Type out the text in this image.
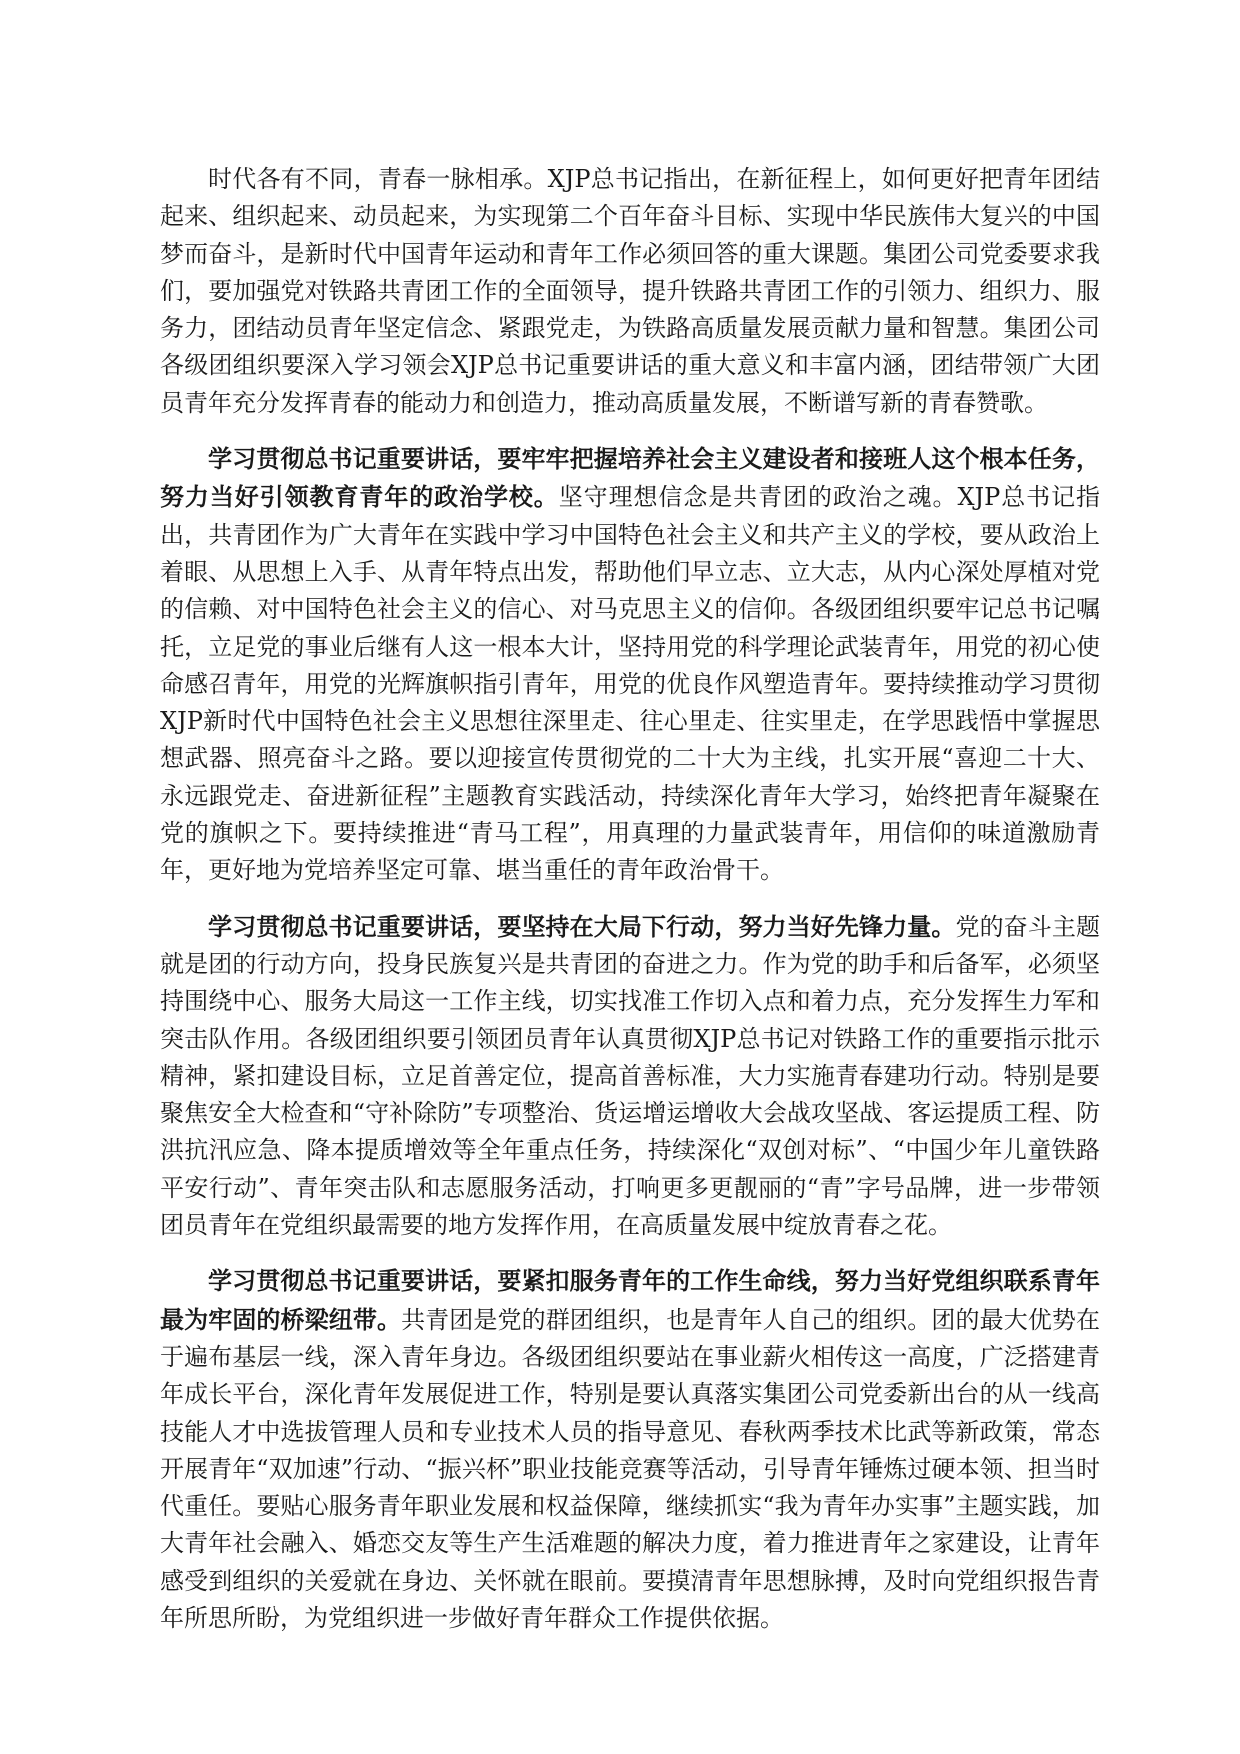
时代各有不同，青春一脉相承。XJP总书记指出，在新征程上，如何更好把青年团结起来、组织起来、动员起来，为实现第二个百年奋斗目标、实现中华民族伟大复兴的中国梦而奋斗，是新时代中国青年运动和青年工作必须回答的重大课题。集团公司党委要求我们，要加强党对铁路共青团工作的全面领导，提升铁路共青团工作的引领力、组织力、服务力，团结动员青年坚定信念、紧跟党走，为铁路高质量发展贡献力量和智慧。集团公司各级团组织要深入学习领会XJP总书记重要讲话的重大意义和丰富内涵，团结带领广大团员青年充分发挥青春的能动力和创造力，推动高质量发展，不断谱写新的青春赞歌。

学习贯彻总书记重要讲话，要牢牢把握培养社会主义建设者和接班人这个根本任务，努力当好引领教育青年的政治学校。坚守理想信念是共青团的政治之魂。XJP总书记指出，共青团作为广大青年在实践中学习中国特色社会主义和共产主义的学校，要从政治上着眼、从思想上入手、从青年特点出发，帮助他们早立志、立大志，从内心深处厚植对党的信赖、对中国特色社会主义的信心、对马克思主义的信仰。各级团组织要牢记总书记嘱托，立足党的事业后继有人这一根本大计，坚持用党的科学理论武装青年，用党的初心使命感召青年，用党的光辉旗帜指引青年，用党的优良作风塑造青年。要持续推动学习贯彻XJP新时代中国特色社会主义思想往深里走、往心里走、往实里走，在学思践悟中掌握思想武器、照亮奋斗之路。要以迎接宣传贯彻党的二十大为主线，扎实开展“喜迎二十大、永远跟党走、奋进新征程”主题教育实践活动，持续深化青年大学习，始终把青年凝聚在党的旗帜之下。要持续推进“青马工程”，用真理的力量武装青年，用信仰的味道激励青年，更好地为党培养坚定可靠、堪当重任的青年政治骨干。

学习贯彻总书记重要讲话，要坚持在大局下行动，努力当好先锋力量。党的奋斗主题就是团的行动方向，投身民族复兴是共青团的奋进之力。作为党的助手和后备军，必须坚持围绕中心、服务大局这一工作主线，切实找准工作切入点和着力点，充分发挥生力军和突击队作用。各级团组织要引领团员青年认真贯彻XJP总书记对铁路工作的重要指示批示精神，紧扣建设目标，立足首善定位，提高首善标准，大力实施青春建功行动。特别是要聚焦安全大检查和“守补除防”专项整治、货运增运增收大会战攻坚战、客运提质工程、防洪抗汛应急、降本提质增效等全年重点任务，持续深化“双创对标”、“中国少年儿童铁路平安行动”、青年突击队和志愿服务活动，打响更多更靓丽的“青”字号品牌，进一步带领团员青年在党组织最需要的地方发挥作用，在高质量发展中绽放青春之花。

学习贯彻总书记重要讲话，要紧扣服务青年的工作生命线，努力当好党组织联系青年最为牢固的桥梁纽带。共青团是党的群团组织，也是青年人自己的组织。团的最大优势在于遍布基层一线，深入青年身边。各级团组织要站在事业薪火相传这一高度，广泛搭建青年成长平台，深化青年发展促进工作，特别是要认真落实集团公司党委新出台的从一线高技能人才中选拔管理人员和专业技术人员的指导意见、春秋两季技术比武等新政策，常态开展青年“双加速”行动、“振兴杯”职业技能竞赛等活动，引导青年锤炼过硬本领、担当时代重任。要贴心服务青年职业发展和权益保障，继续抓实“我为青年办实事”主题实践，加大青年社会融入、婚恋交友等生产生活难题的解决力度，着力推进青年之家建设，让青年感受到组织的关爱就在身边、关怀就在眼前。要摸清青年思想脉搏，及时向党组织报告青年所思所盼，为党组织进一步做好青年群众工作提供依据。
